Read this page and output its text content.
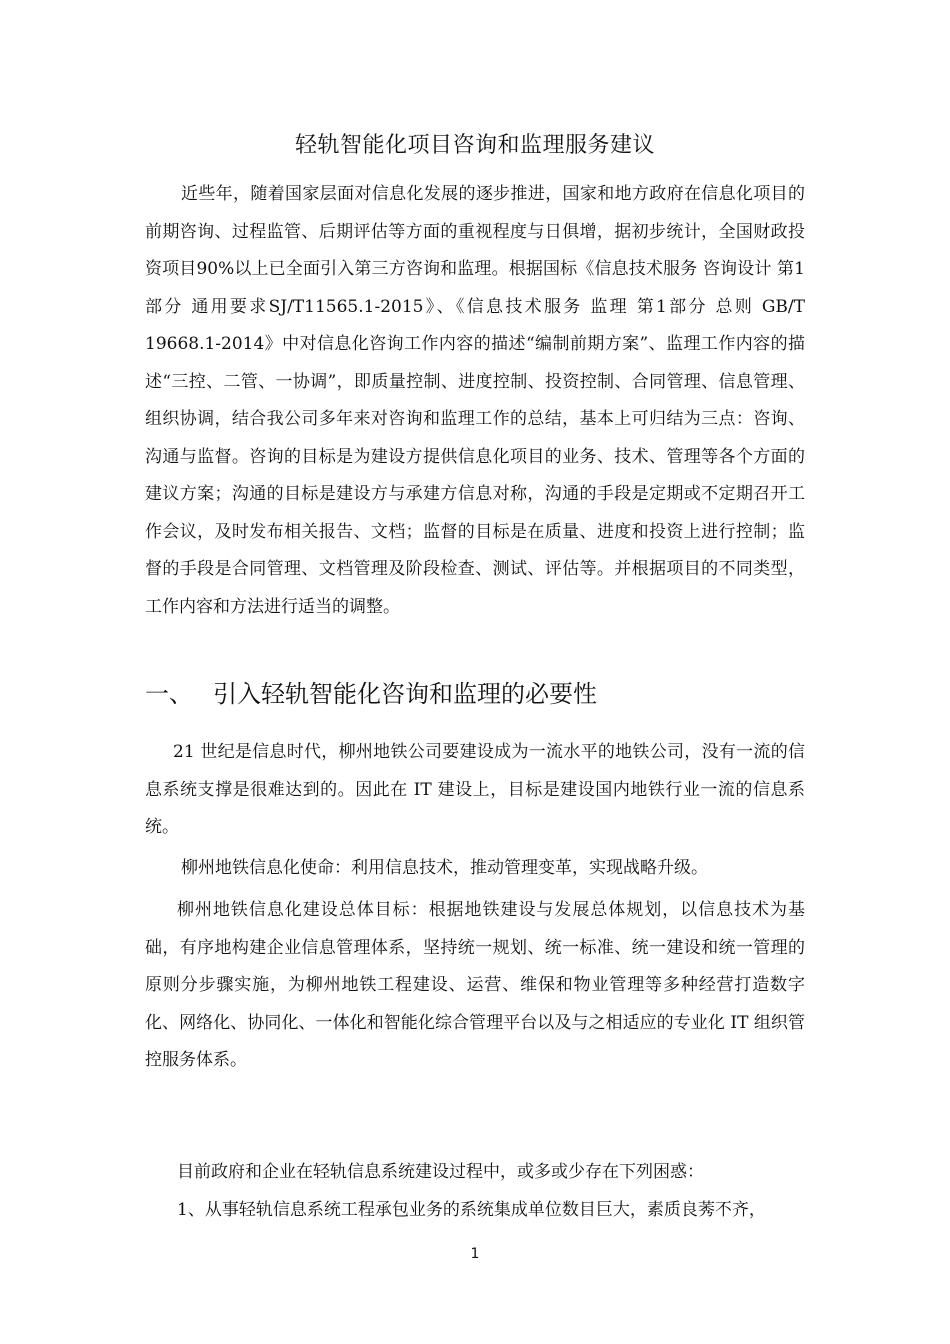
轻轨智能化项目咨询和监理服务建议

近些年，随着国家层面对信息化发展的逐步推进，国家和地方政府在信息化项目的前期咨询、过程监管、后期评估等方面的重视程度与日俱增，据初步统计，全国财政投资项目90%以上已全面引入第三方咨询和监理。根据国标《信息技术服务 咨询设计 第1部分 通用要求SJ/T11565.1-2015》、《信息技术服务 监理 第1部分 总则 GB/T 19668.1-2014》中对信息化咨询工作内容的描述“编制前期方案”、监理工作内容的描述“三控、二管、一协调”，即质量控制、进度控制、投资控制、合同管理、信息管理、组织协调，结合我公司多年来对咨询和监理工作的总结，基本上可归结为三点：咨询、沟通与监督。咨询的目标是为建设方提供信息化项目的业务、技术、管理等各个方面的建议方案；沟通的目标是建设方与承建方信息对称，沟通的手段是定期或不定期召开工作会议，及时发布相关报告、文档；监督的目标是在质量、进度和投资上进行控制；监督的手段是合同管理、文档管理及阶段检查、测试、评估等。并根据项目的不同类型，工作内容和方法进行适当的调整。

一、 引入轻轨智能化咨询和监理的必要性

21 世纪是信息时代，柳州地铁公司要建设成为一流水平的地铁公司，没有一流的信息系统支撑是很难达到的。因此在 IT 建设上，目标是建设国内地铁行业一流的信息系统。

柳州地铁信息化使命：利用信息技术，推动管理变革，实现战略升级。

柳州地铁信息化建设总体目标：根据地铁建设与发展总体规划，以信息技术为基础，有序地构建企业信息管理体系，坚持统一规划、统一标准、统一建设和统一管理的原则分步骤实施，为柳州地铁工程建设、运营、维保和物业管理等多种经营打造数字化、网络化、协同化、一体化和智能化综合管理平台以及与之相适应的专业化 IT 组织管控服务体系。

目前政府和企业在轻轨信息系统建设过程中，或多或少存在下列困惑：

1、从事轻轨信息系统工程承包业务的系统集成单位数目巨大，素质良莠不齐，

1
